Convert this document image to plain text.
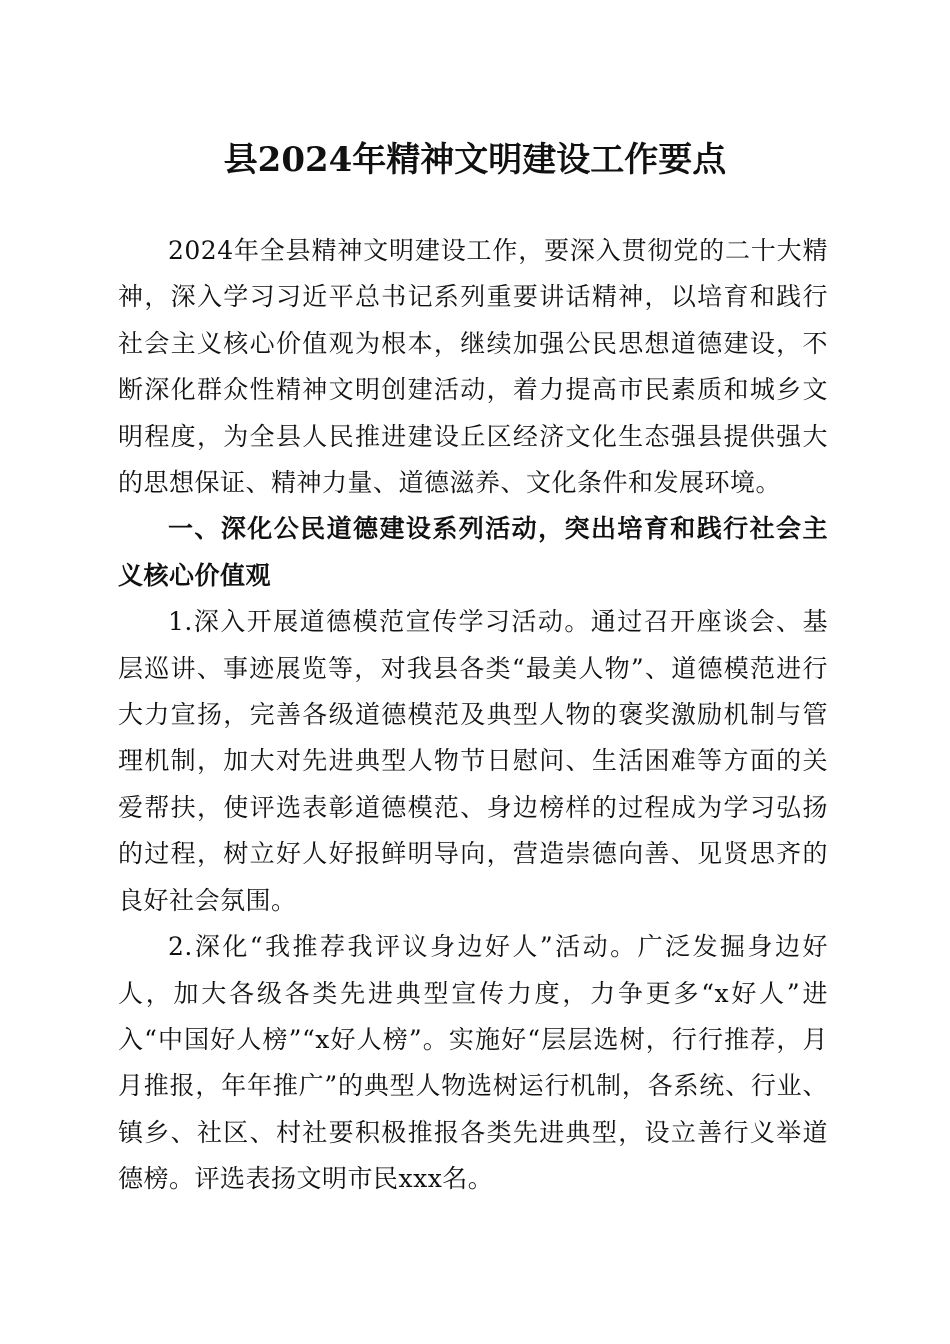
县2024年精神文明建设工作要点

2024年全县精神文明建设工作，要深入贯彻党的二十大精神，深入学习习近平总书记系列重要讲话精神，以培育和践行社会主义核心价值观为根本，继续加强公民思想道德建设，不断深化群众性精神文明创建活动，着力提高市民素质和城乡文明程度，为全县人民推进建设丘区经济文化生态强县提供强大的思想保证、精神力量、道德滋养、文化条件和发展环境。

一、深化公民道德建设系列活动，突出培育和践行社会主义核心价值观

1.深入开展道德模范宣传学习活动。通过召开座谈会、基层巡讲、事迹展览等，对我县各类“最美人物”、道德模范进行大力宣扬，完善各级道德模范及典型人物的褒奖激励机制与管理机制，加大对先进典型人物节日慰问、生活困难等方面的关爱帮扶，使评选表彰道德模范、身边榜样的过程成为学习弘扬的过程，树立好人好报鲜明导向，营造崇德向善、见贤思齐的良好社会氛围。

2.深化“我推荐我评议身边好人”活动。广泛发掘身边好人，加大各级各类先进典型宣传力度，力争更多“x好人”进入“中国好人榜”“x好人榜”。实施好“层层选树，行行推荐，月月推报，年年推广”的典型人物选树运行机制，各系统、行业、镇乡、社区、村社要积极推报各类先进典型，设立善行义举道德榜。评选表扬文明市民xxx名。
